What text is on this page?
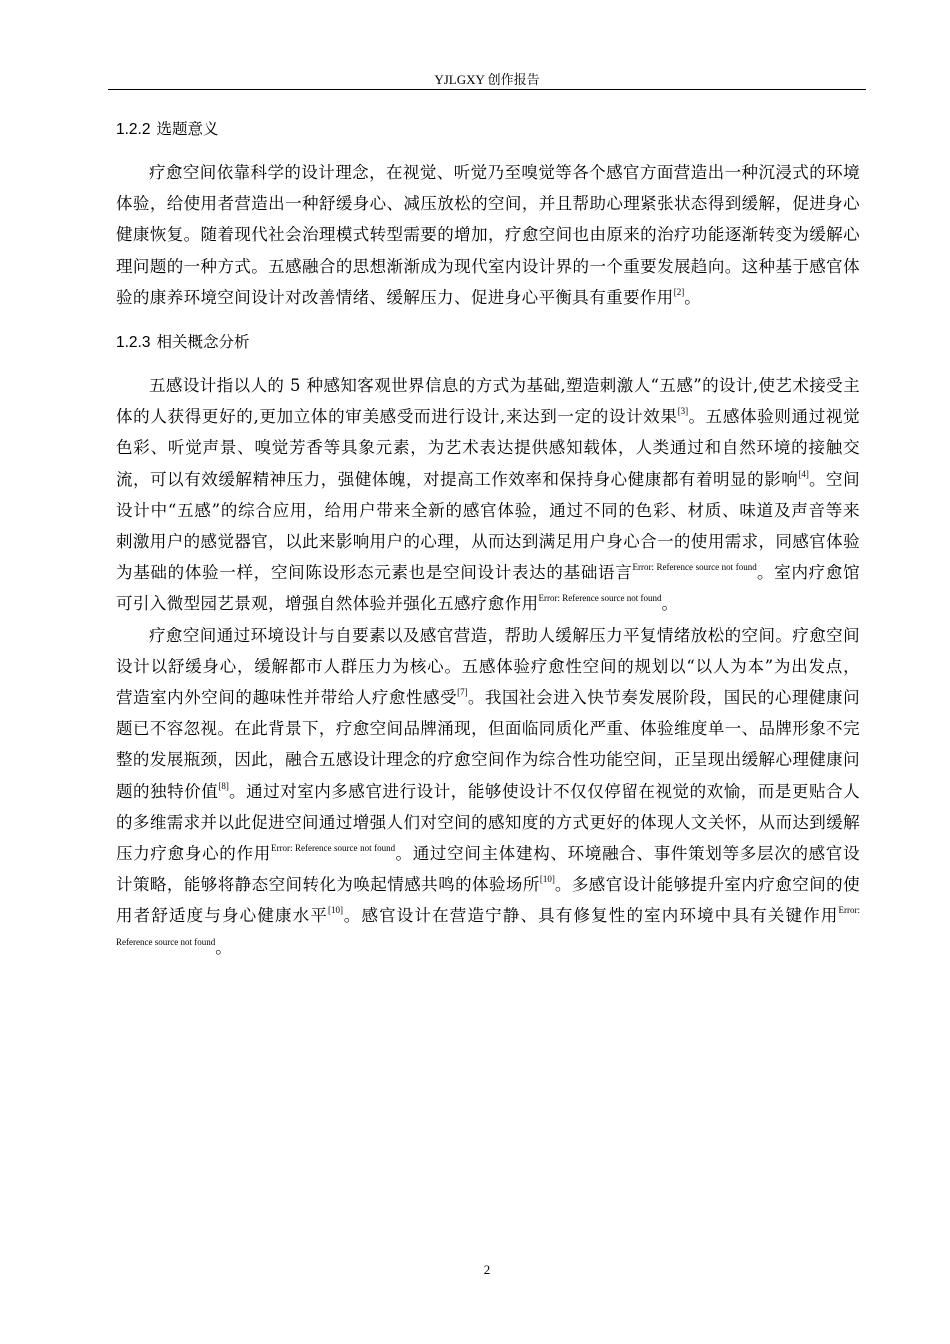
YJLGXY 创作报告
1.2.2 选题意义

疗愈空间依靠科学的设计理念，在视觉、听觉乃至嗅觉等各个感官方面营造出一种沉浸式的环境体验，给使用者营造出一种舒缓身心、减压放松的空间，并且帮助心理紧张状态得到缓解，促进身心健康恢复。随着现代社会治理模式转型需要的增加，疗愈空间也由原来的治疗功能逐渐转变为缓解心理问题的一种方式。五感融合的思想渐渐成为现代室内设计界的一个重要发展趋向。这种基于感官体验的康养环境空间设计对改善情绪、缓解压力、促进身心平衡具有重要作用[2]。

1.2.3 相关概念分析

五感设计指以人的 5 种感知客观世界信息的方式为基础,塑造刺激人“五感”的设计,使艺术接受主体的人获得更好的,更加立体的审美感受而进行设计,来达到一定的设计效果[3]。五感体验则通过视觉色彩、听觉声景、嗅觉芳香等具象元素，为艺术表达提供感知载体，人类通过和自然环境的接触交流，可以有效缓解精神压力，强健体魄，对提高工作效率和保持身心健康都有着明显的影响[4]。空间设计中“五感”的综合应用，给用户带来全新的感官体验，通过不同的色彩、材质、味道及声音等来刺激用户的感觉器官，以此来影响用户的心理，从而达到满足用户身心合一的使用需求，同感官体验为基础的体验一样，空间陈设形态元素也是空间设计表达的基础语言$^{Error: Reference source not found}$。室内疗愈馆可引入微型园艺景观，增强自然体验并强化五感疗愈作用$^{Error: Reference source not found}$。

疗愈空间通过环境设计与自要素以及感官营造，帮助人缓解压力平复情绪放松的空间。疗愈空间设计以舒缓身心，缓解都市人群压力为核心。五感体验疗愈性空间的规划以“以人为本”为出发点，营造室内外空间的趣味性并带给人疗愈性感受[7]。我国社会进入快节奏发展阶段，国民的心理健康问题已不容忽视。在此背景下，疗愈空间品牌涌现，但面临同质化严重、体验维度单一、品牌形象不完整的发展瓶颈，因此，融合五感设计理念的疗愈空间作为综合性功能空间，正呈现出缓解心理健康问题的独特价值[8]。通过对室内多感官进行设计，能够使设计不仅仅停留在视觉的欢愉，而是更贴合人的多维需求并以此促进空间通过增强人们对空间的感知度的方式更好的体现人文关怀，从而达到缓解压力疗愈身心的作用$^{Error: Reference source not found}$。通过空间主体建构、环境融合、事件策划等多层次的感官设计策略，能够将静态空间转化为唤起情感共鸣的体验场所[10]。多感官设计能够提升室内疗愈空间的使用者舒适度与身心健康水平[10]。感官设计在营造宁静、具有修复性的室内环境中具有关键作用$^{Error: Reference source not found}$。

2
